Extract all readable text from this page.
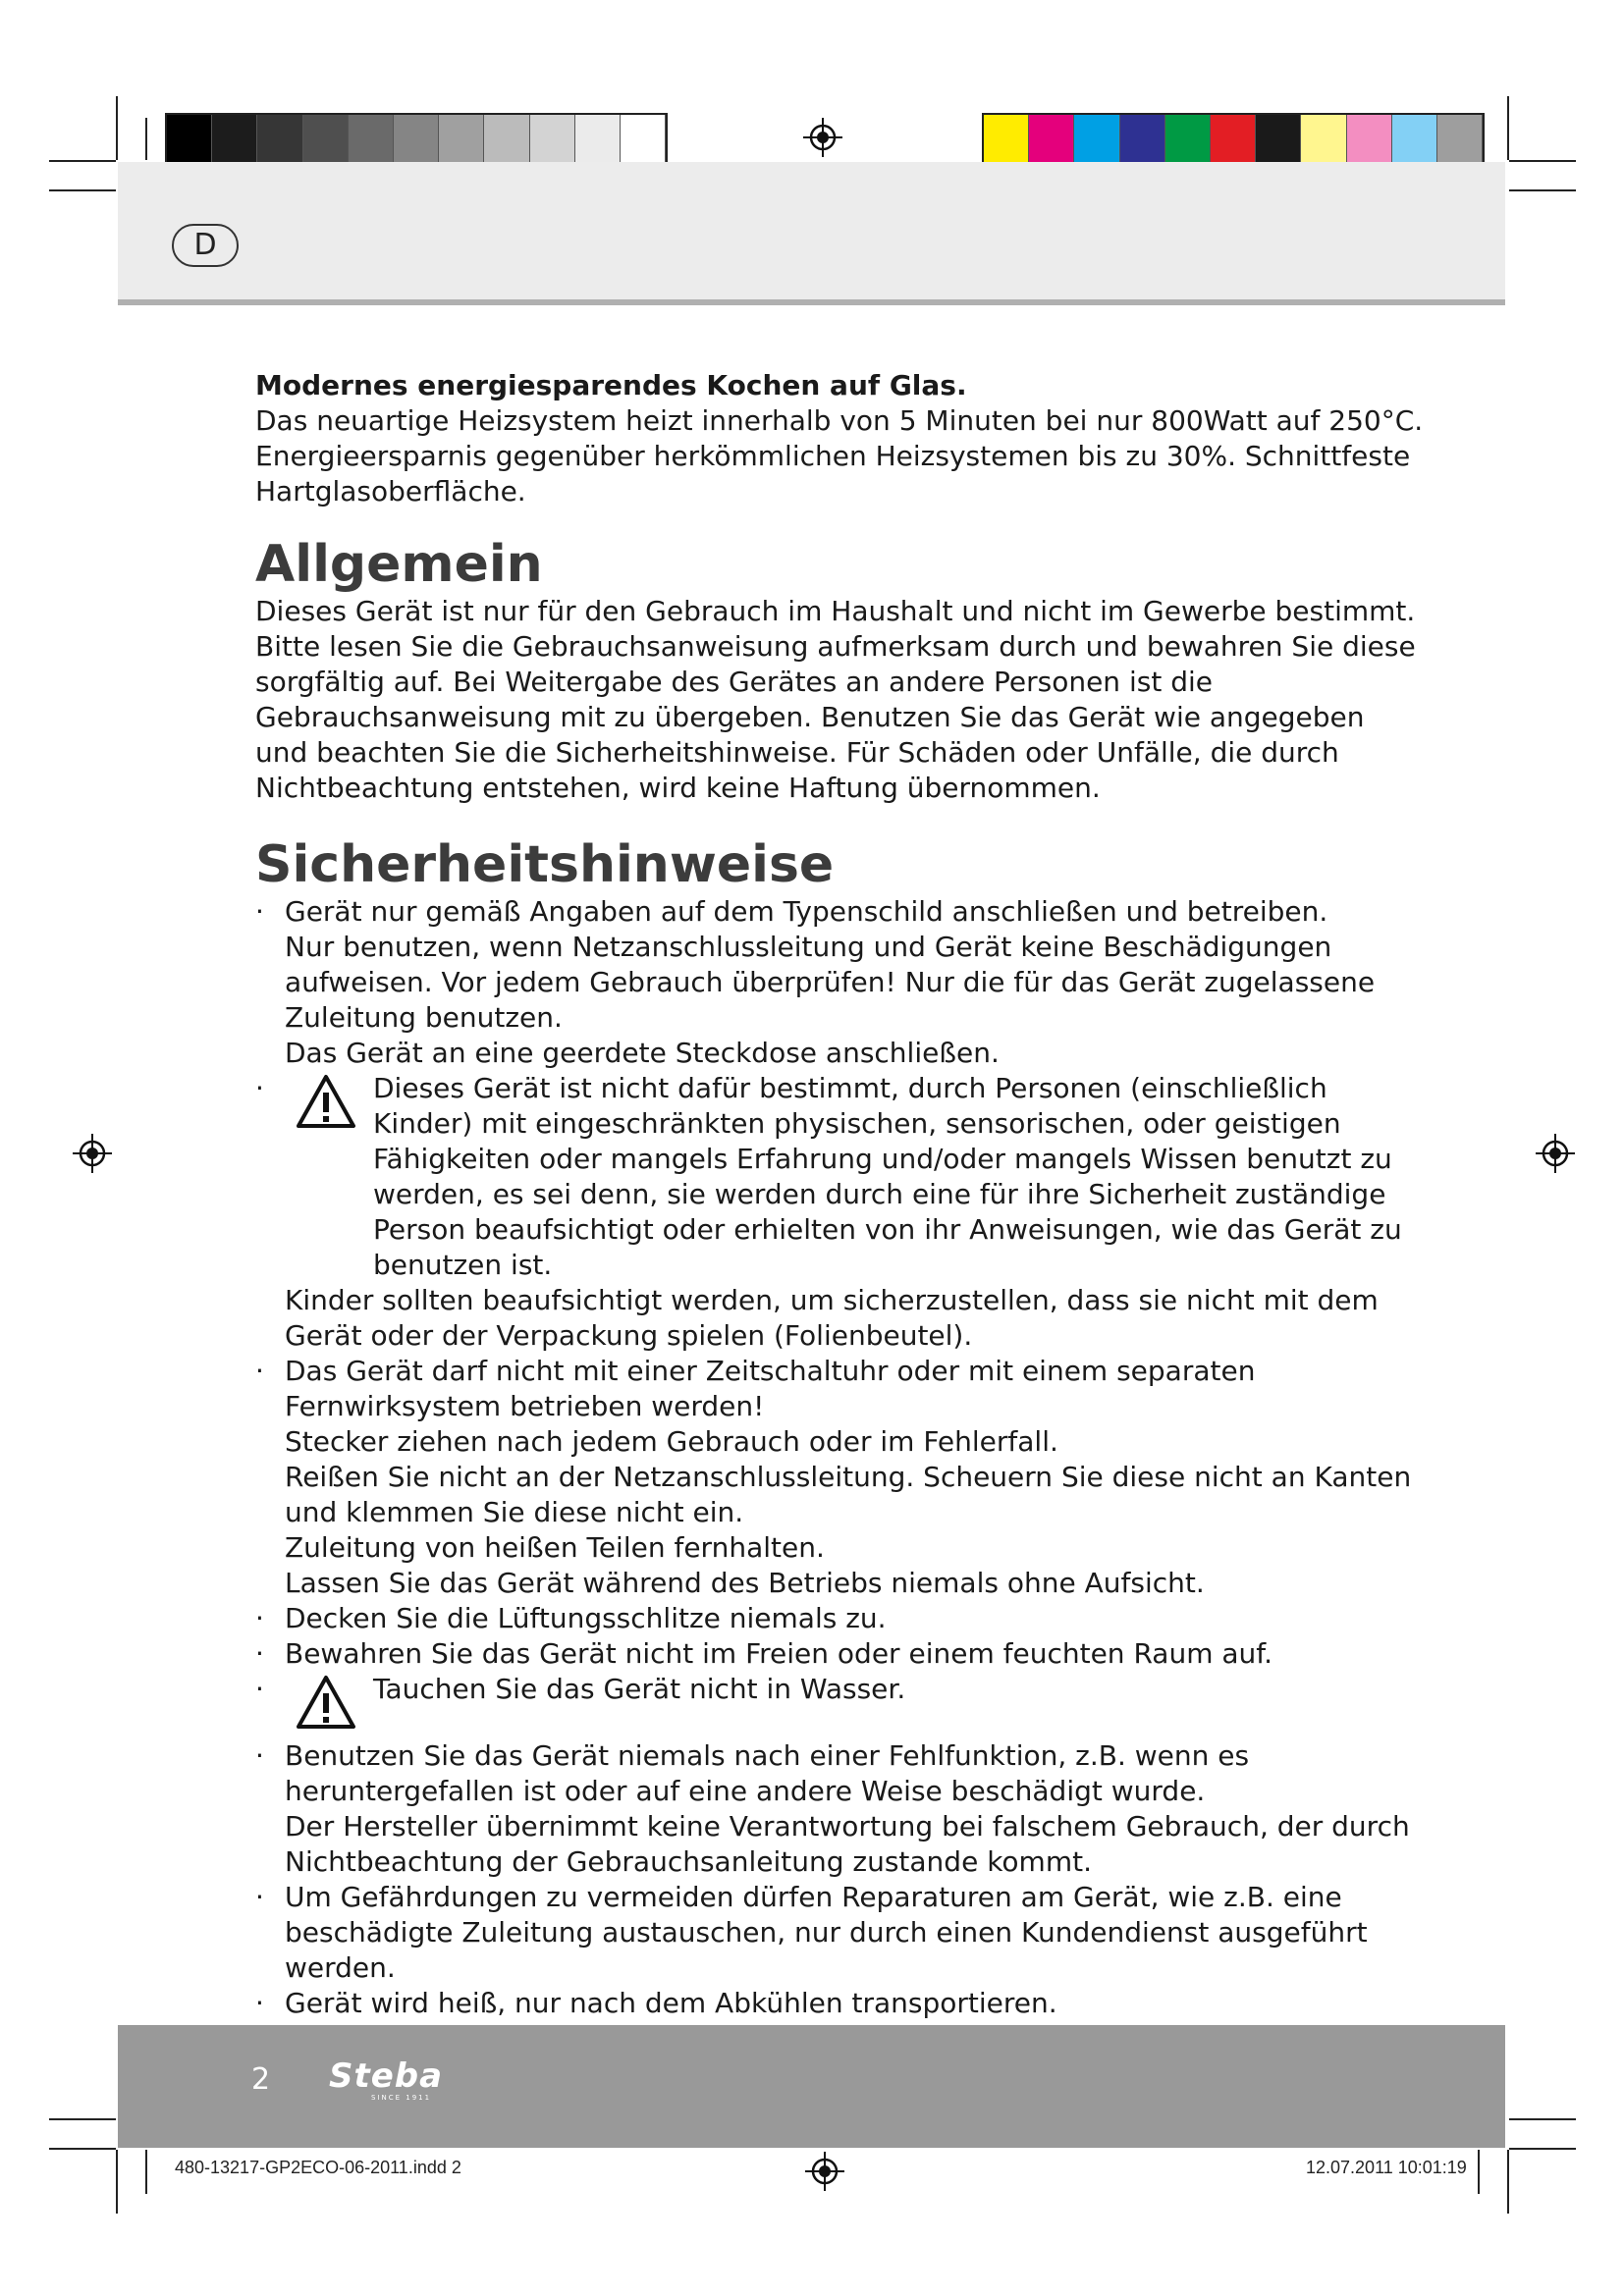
D

Modernes energiesparendes Kochen auf Glas.

Das neuartige Heizsystem heizt innerhalb von 5 Minuten bei nur 800Watt auf 250°C. Energieersparnis gegenüber herkömmlichen Heizsystemen bis zu 30%. Schnittfeste Hartglasoberfläche.

Allgemein

Dieses Gerät ist nur für den Gebrauch im Haushalt und nicht im Gewerbe bestimmt. Bitte lesen Sie die Gebrauchsanweisung aufmerksam durch und bewahren Sie diese sorgfältig auf. Bei Weitergabe des Gerätes an andere Personen ist die Gebrauchsanweisung mit zu übergeben. Benutzen Sie das Gerät wie angegeben und beachten Sie die Sicherheitshinweise. Für Schäden oder Unfälle, die durch Nichtbeachtung entstehen, wird keine Haftung übernommen.

Sicherheitshinweise
· Gerät nur gemäß Angaben auf dem Typenschild anschließen und betreiben.
Nur benutzen, wenn Netzanschlussleitung und Gerät keine Beschädigungen aufweisen. Vor jedem Gebrauch überprüfen! Nur die für das Gerät zugelassene Zuleitung benutzen.
Das Gerät an eine geerdete Steckdose anschließen.
· Dieses Gerät ist nicht dafür bestimmt, durch Personen (einschließlich Kinder) mit eingeschränkten physischen, sensorischen, oder geistigen Fähigkeiten oder mangels Erfahrung und/oder mangels Wissen benutzt zu werden, es sei denn, sie werden durch eine für ihre Sicherheit zuständige Person beaufsichtigt oder erhielten von ihr Anweisungen, wie das Gerät zu benutzen ist.
Kinder sollten beaufsichtigt werden, um sicherzustellen, dass sie nicht mit dem Gerät oder der Verpackung spielen (Folienbeutel).
· Das Gerät darf nicht mit einer Zeitschaltuhr oder mit einem separaten Fernwirksystem betrieben werden!
Stecker ziehen nach jedem Gebrauch oder im Fehlerfall.
Reißen Sie nicht an der Netzanschlussleitung. Scheuern Sie diese nicht an Kanten und klemmen Sie diese nicht ein.
Zuleitung von heißen Teilen fernhalten.
Lassen Sie das Gerät während des Betriebs niemals ohne Aufsicht.
· Decken Sie die Lüftungsschlitze niemals zu.
· Bewahren Sie das Gerät nicht im Freien oder einem feuchten Raum auf.
· Tauchen Sie das Gerät nicht in Wasser.
· Benutzen Sie das Gerät niemals nach einer Fehlfunktion, z.B. wenn es heruntergefallen ist oder auf eine andere Weise beschädigt wurde.
Der Hersteller übernimmt keine Verantwortung bei falschem Gebrauch, der durch Nichtbeachtung der Gebrauchsanleitung zustande kommt.
· Um Gefährdungen zu vermeiden dürfen Reparaturen am Gerät, wie z.B. eine beschädigte Zuleitung austauschen, nur durch einen Kundendienst ausgeführt werden.
· Gerät wird heiß, nur nach dem Abkühlen transportieren.
2 Steba
SINCE 1911
480-13217-GP2ECO-06-2011.indd 2	12.07.2011 10:01:19
